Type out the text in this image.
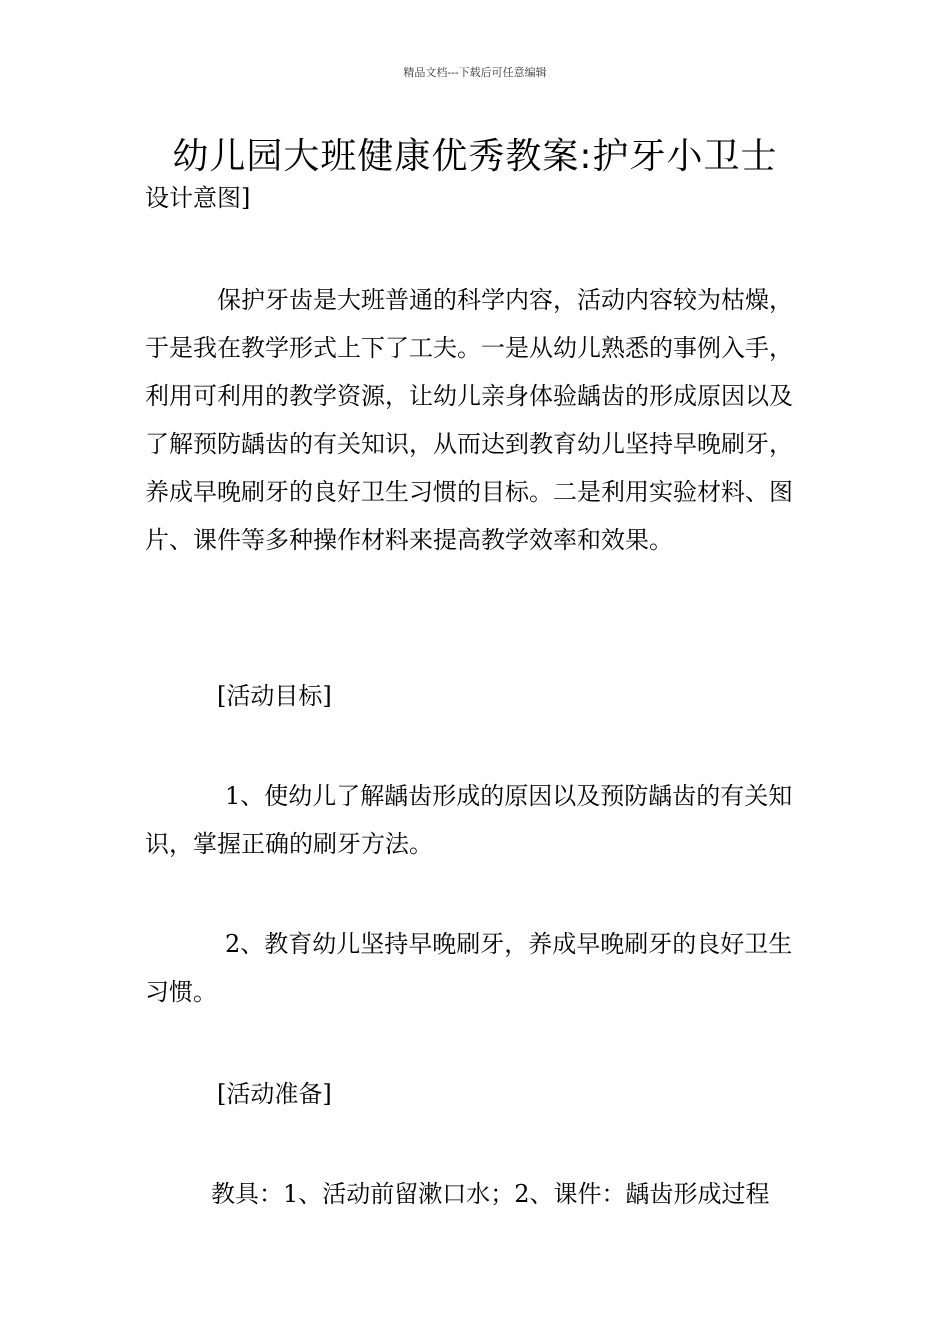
精品文档---下载后可任意编辑
幼儿园大班健康优秀教案:护牙小卫士

设计意图]

保护牙齿是大班普通的科学内容，活动内容较为枯燥，于是我在教学形式上下了工夫。一是从幼儿熟悉的事例入手，利用可利用的教学资源，让幼儿亲身体验龋齿的形成原因以及了解预防龋齿的有关知识，从而达到教育幼儿坚持早晚刷牙，养成早晚刷牙的良好卫生习惯的目标。二是利用实验材料、图片、课件等多种操作材料来提高教学效率和效果。

[活动目标]

1、使幼儿了解龋齿形成的原因以及预防龋齿的有关知识，掌握正确的刷牙方法。

2、教育幼儿坚持早晚刷牙，养成早晚刷牙的良好卫生习惯。

[活动准备]

教具：1、活动前留漱口水；2、课件：龋齿形成过程
